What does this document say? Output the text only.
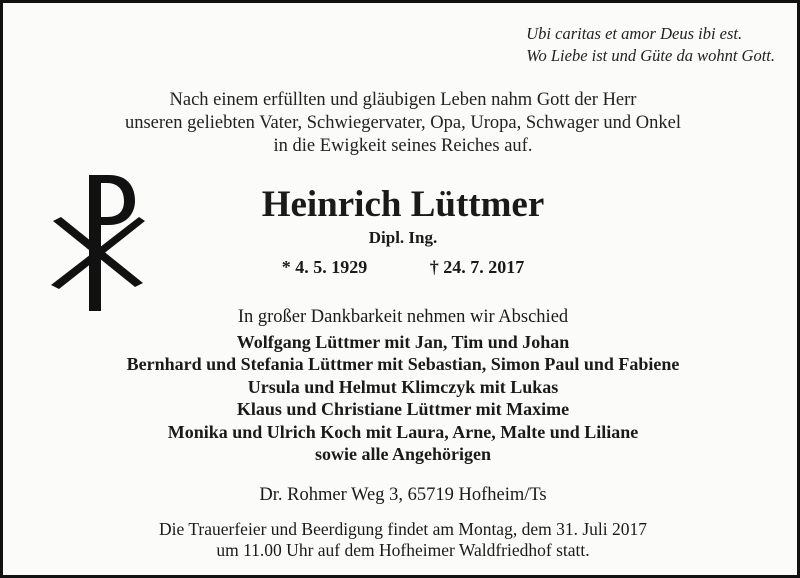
Ubi caritas et amor Deus ibi est.
Wo Liebe ist und Güte da wohnt Gott.
Nach einem erfüllten und gläubigen Leben nahm Gott der Herr
unseren geliebten Vater, Schwiegervater, Opa, Uropa, Schwager und Onkel
in die Ewigkeit seines Reiches auf.
Heinrich Lüttmer
Dipl. Ing.
* 4. 5. 1929	† 24. 7. 2017
In großer Dankbarkeit nehmen wir Abschied
Wolfgang Lüttmer mit Jan, Tim und Johan
Bernhard und Stefania Lüttmer mit Sebastian, Simon Paul und Fabiene
Ursula und Helmut Klimczyk mit Lukas
Klaus und Christiane Lüttmer mit Maxime
Monika und Ulrich Koch mit Laura, Arne, Malte und Liliane
sowie alle Angehörigen
Dr. Rohmer Weg 3, 65719 Hofheim/Ts
Die Trauerfeier und Beerdigung findet am Montag, dem 31. Juli 2017
um 11.00 Uhr auf dem Hofheimer Waldfriedhof statt.
